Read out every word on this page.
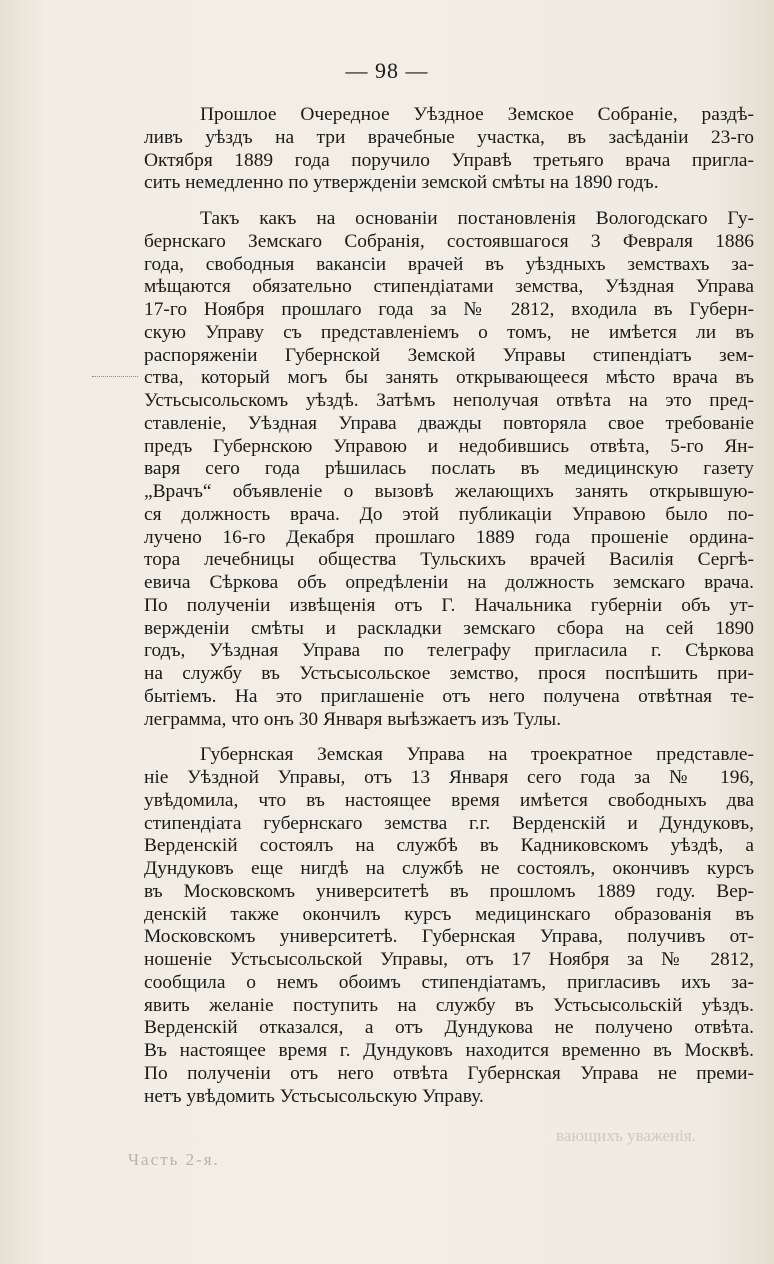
— 98 —
Прошлое Очередное Уѣздное Земское Собраніе, раздѣ-
ливъ уѣздъ на три врачебные участка, въ засѣданіи 23-го
Октября 1889 года поручило Управѣ третьяго врача пригла-
сить немедленно по утвержденіи земской смѣты на 1890 годъ.
Такъ какъ на основаніи постановленія Вологодскаго Гу-
бернскаго Земскаго Собранія, состоявшагося 3 Февраля 1886
года, свободныя вакансіи врачей въ уѣздныхъ земствахъ за-
мѣщаются обязательно стипендіатами земства, Уѣздная Управа
17-го Ноября прошлаго года за № 2812, входила въ Губерн-
скую Управу съ представленіемъ о томъ, не имѣется ли въ
распоряженіи Губернской Земской Управы стипендіатъ зем-
ства, который могъ бы занять открывающееся мѣсто врача въ
Устьсысольскомъ уѣздѣ. Затѣмъ неполучая отвѣта на это пред-
ставленіе, Уѣздная Управа дважды повторяла свое требованіе
предъ Губернскою Управою и недобившись отвѣта, 5-го Ян-
варя сего года рѣшилась послать въ медицинскую газету
„Врачъ“ объявленіе о вызовѣ желающихъ занять открывшую-
ся должность врача. До этой публикаціи Управою было по-
лучено 16-го Декабря прошлаго 1889 года прошеніе ордина-
тора лечебницы общества Тульскихъ врачей Василія Сергѣ-
евича Сѣркова объ опредѣленіи на должность земскаго врача.
По полученіи извѣщенія отъ Г. Начальника губерніи объ ут-
вержденіи смѣты и раскладки земскаго сбора на сей 1890
годъ, Уѣздная Управа по телеграфу пригласила г. Сѣркова
на службу въ Устьсысольское земство, прося поспѣшить при-
бытіемъ. На это приглашеніе отъ него получена отвѣтная те-
леграмма, что онъ 30 Января выѣзжаетъ изъ Тулы.
Губернская Земская Управа на троекратное представле-
ніе Уѣздной Управы, отъ 13 Января сего года за № 196,
увѣдомила, что въ настоящее время имѣется свободныхъ два
стипендіата губернскаго земства г.г. Верденскій и Дундуковъ,
Верденскій состоялъ на службѣ въ Кадниковскомъ уѣздѣ, а
Дундуковъ еще нигдѣ на службѣ не состоялъ, окончивъ курсъ
въ Московскомъ университетѣ въ прошломъ 1889 году. Вер-
денскій также окончилъ курсъ медицинскаго образованія въ
Московскомъ университетѣ. Губернская Управа, получивъ от-
ношеніе Устьсысольской Управы, отъ 17 Ноября за № 2812,
сообщила о немъ обоимъ стипендіатамъ, пригласивъ ихъ за-
явить желаніе поступить на службу въ Устьсысольскій уѣздъ.
Верденскій отказался, а отъ Дундукова не получено отвѣта.
Въ настоящее время г. Дундуковъ находится временно въ Москвѣ.
По полученіи отъ него отвѣта Губернская Управа не преми-
нетъ увѣдомить Устьсысольскую Управу.
вающихъ уваженія.
Часть 2-я.
